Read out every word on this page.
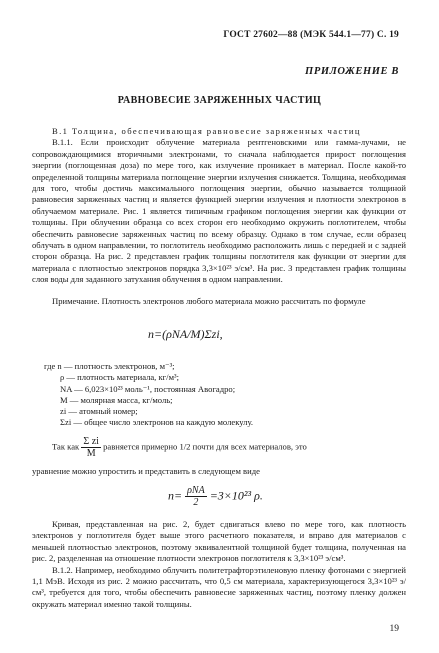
ГОСТ 27602—88 (МЭК 544.1—77) С. 19
ПРИЛОЖЕНИЕ В
РАВНОВЕСИЕ ЗАРЯЖЕННЫХ ЧАСТИЦ

В.1 Толщина, обеспечивающая равновесие заряженных частиц

В.1.1. Если происходит облучение материала рентгеновскими или гамма-лучами, не сопровождающимися вторичными электронами, то сначала наблюдается прирост поглощения энергии (поглощенная доза) по мере того, как излучение проникает в материал. После какой-то определенной толщины материала поглощение энергии излучения снижается. Толщина, необходимая для того, чтобы достичь максимального поглощения энергии, обычно называется толщиной равновесия заряженных частиц и является функцией энергии излучения и плотности электронов в облучаемом материале. Рис. 1 является типичным графиком поглощения энергии как функции от толщины. При облучении образца со всех сторон его необходимо окружить поглотителем, чтобы обеспечить равновесие заряженных частиц по всему образцу. Однако в том случае, если образец облучать в одном направлении, то поглотитель необходимо расположить лишь с передней и с задней сторон образца. На рис. 2 представлен график толщины поглотителя как функции от энергии для материала с плотностью электронов порядка 3,3×10²³ э/см³. На рис. 3 представлен график толщины слоя воды для заданного затухания облучения в одном направлении.

Примечание. Плотность электронов любого материала можно рассчитать по формуле

n=(ρNA/M)Σzi,
где n — плотность электронов, м⁻³;
ρ — плотность материала, кг/м³;
NA — 6,023×10²³ моль⁻¹, постоянная Авогадро;
M — молярная масса, кг/моль;
zi — атомный номер;
Σzi — общее число электронов на каждую молекулу.
Так как $\frac{\text{Σ zi}}{M}$ равняется примерно 1/2 почти для всех материалов, это
уравнение можно упростить и представить в следующем виде
$n= \frac{\text{ρNA}}{2} =3\times 10^{23}$ ρ.

Кривая, представленная на рис. 2, будет сдвигаться влево по мере того, как плотность электронов у поглотителя будет выше этого расчетного показателя, и вправо для материалов с меньшей плотностью электронов, поэтому эквивалентной толщиной будет толщина, полученная на рис. 2, разделенная на отношение плотности электронов поглотителя к 3,3×10²³ э/см³.

В.1.2. Например, необходимо облучить политетрафторэтиленовую пленку фотонами с энергией 1,1 МэВ. Исходя из рис. 2 можно рассчитать, что 0,5 см материала, характеризующегося 3,3×10²³ э/см³, требуется для того, чтобы обеспечить равновесие заряженных частиц, поэтому пленку должен окружать материал именно такой толщины.

19
